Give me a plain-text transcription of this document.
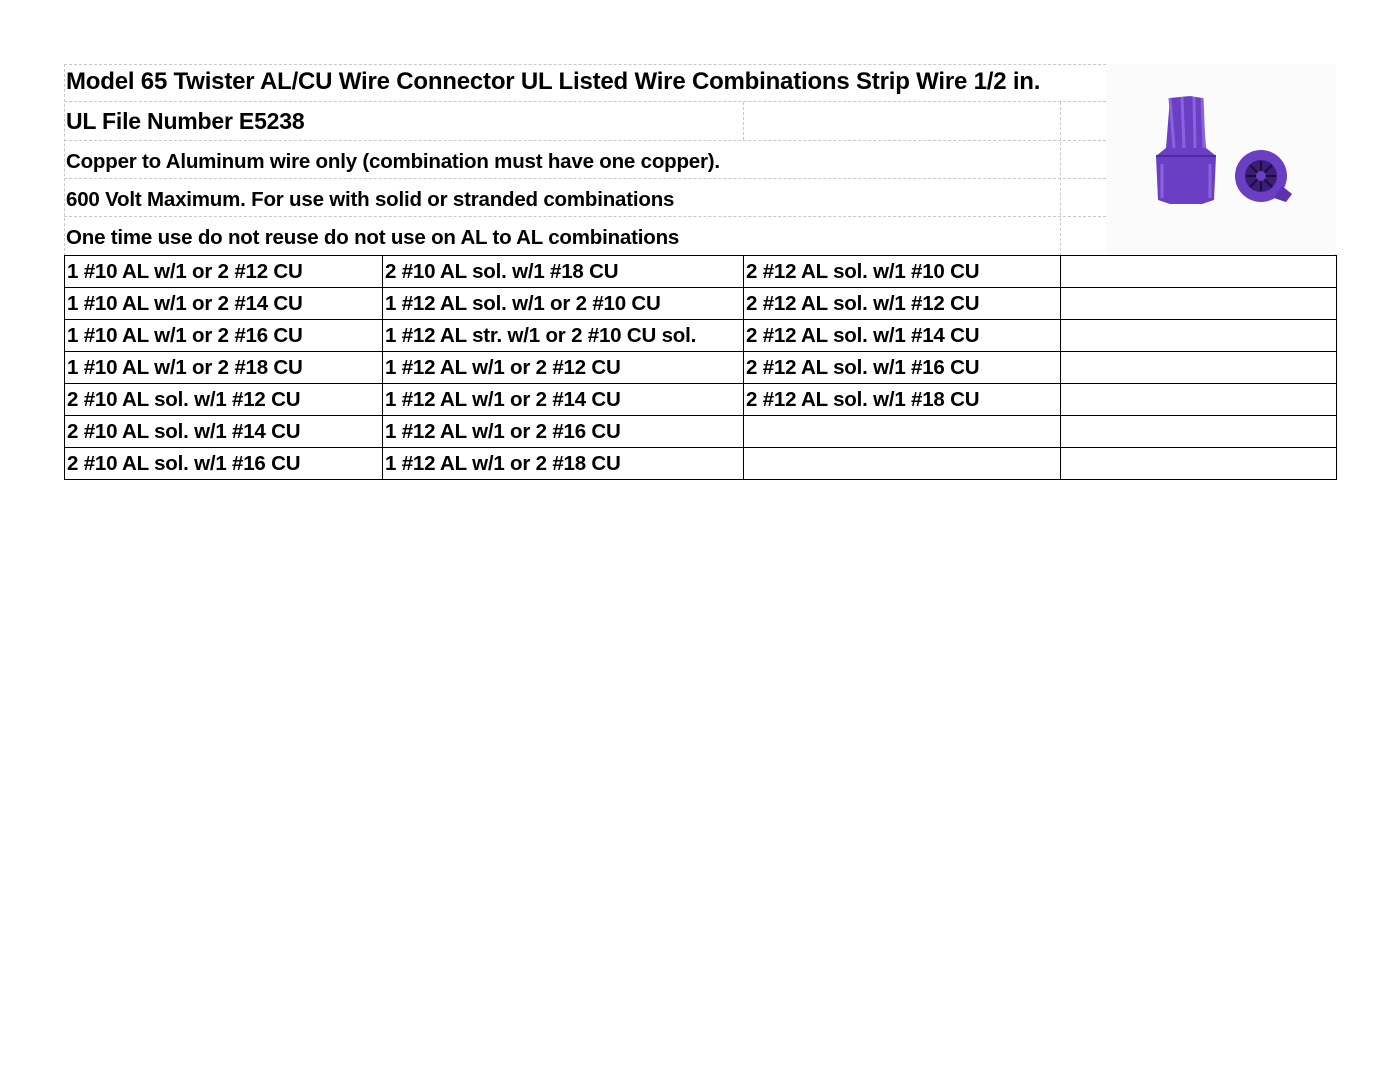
Model 65 Twister AL/CU Wire Connector UL Listed Wire Combinations Strip Wire 1/2 in.
UL File Number E5238
Copper to Aluminum wire only (combination must have one copper).
600 Volt Maximum. For use with solid or stranded combinations
One time use do not reuse do not use on AL to AL combinations
1 #10 AL w/1 or 2 #12 CU	2 #10 AL sol. w/1 #18 CU	2 #12 AL sol. w/1 #10 CU	
1 #10 AL w/1 or 2 #14 CU	1 #12 AL sol. w/1 or 2 #10 CU	2 #12 AL sol. w/1 #12 CU	
1 #10 AL w/1 or 2 #16 CU	1 #12 AL str. w/1 or 2 #10 CU sol.	2 #12 AL sol. w/1 #14 CU	
1 #10 AL w/1 or 2 #18 CU	1 #12 AL w/1 or 2 #12 CU	2 #12 AL sol. w/1 #16 CU	
2 #10 AL sol. w/1 #12 CU	1 #12 AL w/1 or 2 #14 CU	2 #12 AL sol. w/1 #18 CU	
2 #10 AL sol. w/1 #14 CU	1 #12 AL w/1 or 2 #16 CU		
2 #10 AL sol. w/1 #16 CU	1 #12 AL w/1 or 2 #18 CU		
